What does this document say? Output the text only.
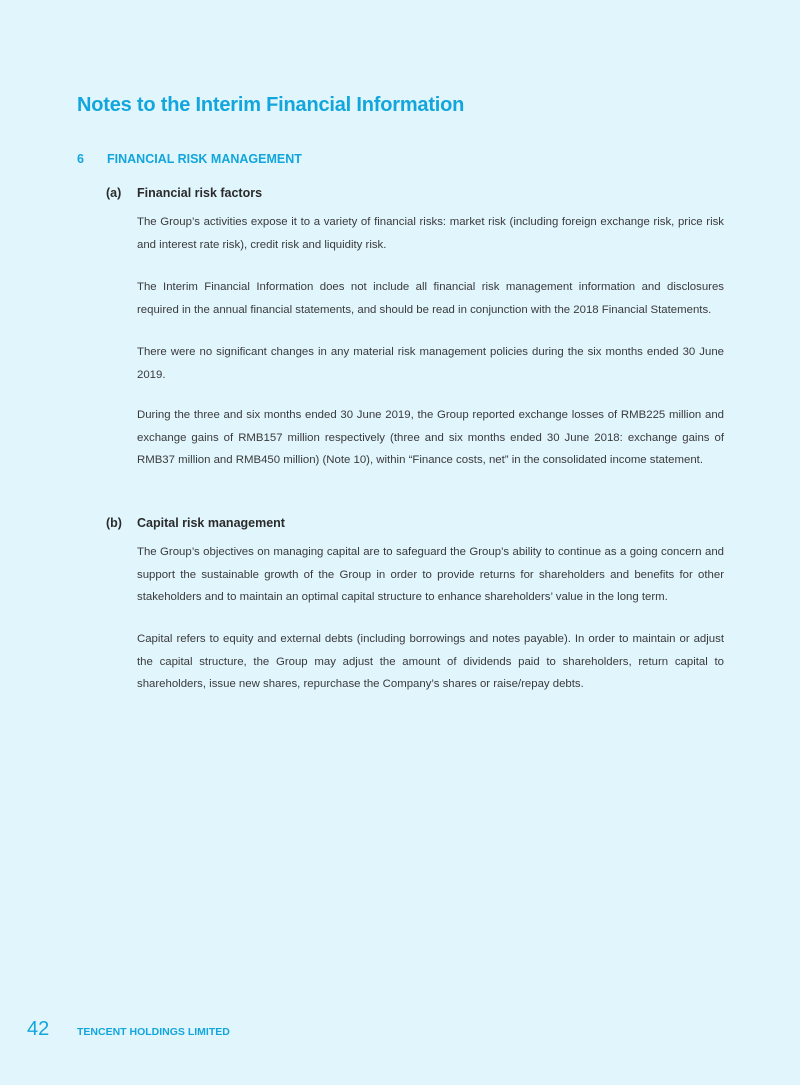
Notes to the Interim Financial Information
6 FINANCIAL RISK MANAGEMENT
(a) Financial risk factors

The Group’s activities expose it to a variety of financial risks: market risk (including foreign exchange risk, price risk and interest rate risk), credit risk and liquidity risk.

The Interim Financial Information does not include all financial risk management information and disclosures required in the annual financial statements, and should be read in conjunction with the 2018 Financial Statements.

There were no significant changes in any material risk management policies during the six months ended 30 June 2019.

During the three and six months ended 30 June 2019, the Group reported exchange losses of RMB225 million and exchange gains of RMB157 million respectively (three and six months ended 30 June 2018: exchange gains of RMB37 million and RMB450 million) (Note 10), within “Finance costs, net” in the consolidated income statement.

(b) Capital risk management

The Group’s objectives on managing capital are to safeguard the Group’s ability to continue as a going concern and support the sustainable growth of the Group in order to provide returns for shareholders and benefits for other stakeholders and to maintain an optimal capital structure to enhance shareholders’ value in the long term.

Capital refers to equity and external debts (including borrowings and notes payable). In order to maintain or adjust the capital structure, the Group may adjust the amount of dividends paid to shareholders, return capital to shareholders, issue new shares, repurchase the Company’s shares or raise/repay debts.

42	TENCENT HOLDINGS LIMITED
